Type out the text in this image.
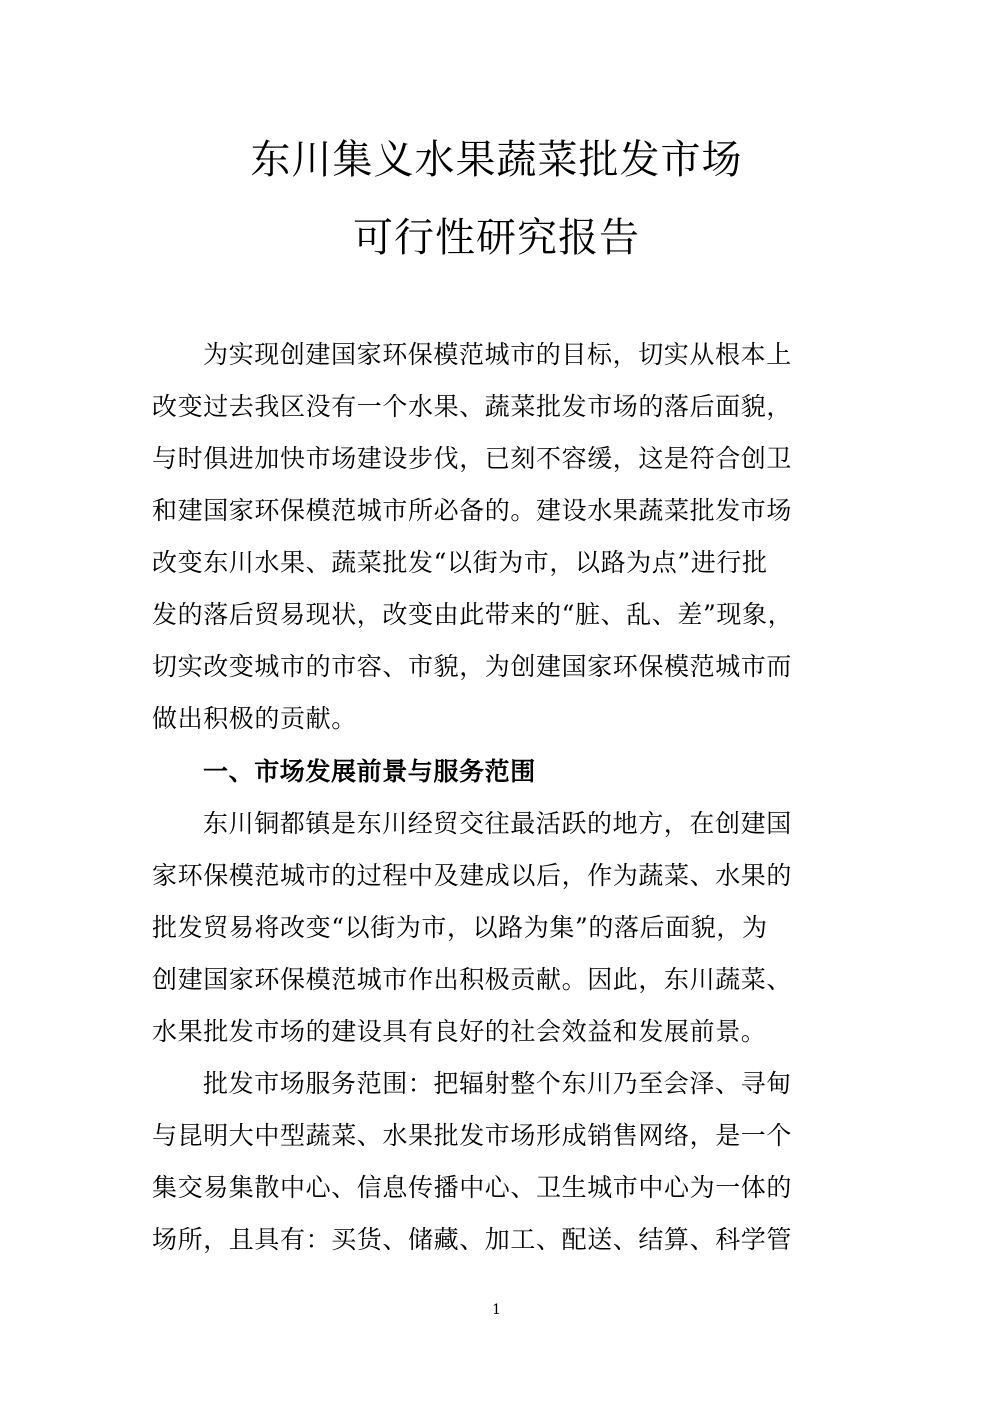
东川集义水果蔬菜批发市场
可行性研究报告
为实现创建国家环保模范城市的目标，切实从根本上
改变过去我区没有一个水果、蔬菜批发市场的落后面貌，
与时俱进加快市场建设步伐，已刻不容缓，这是符合创卫
和建国家环保模范城市所必备的。建设水果蔬菜批发市场
改变东川水果、蔬菜批发“以街为市，以路为点”进行批
发的落后贸易现状，改变由此带来的“脏、乱、差”现象，
切实改变城市的市容、市貌，为创建国家环保模范城市而
做出积极的贡献。
一、市场发展前景与服务范围
东川铜都镇是东川经贸交往最活跃的地方，在创建国
家环保模范城市的过程中及建成以后，作为蔬菜、水果的
批发贸易将改变“以街为市，以路为集”的落后面貌，为
创建国家环保模范城市作出积极贡献。因此，东川蔬菜、
水果批发市场的建设具有良好的社会效益和发展前景。
批发市场服务范围：把辐射整个东川乃至会泽、寻甸
与昆明大中型蔬菜、水果批发市场形成销售网络，是一个
集交易集散中心、信息传播中心、卫生城市中心为一体的
场所，且具有：买货、储藏、加工、配送、结算、科学管
1
